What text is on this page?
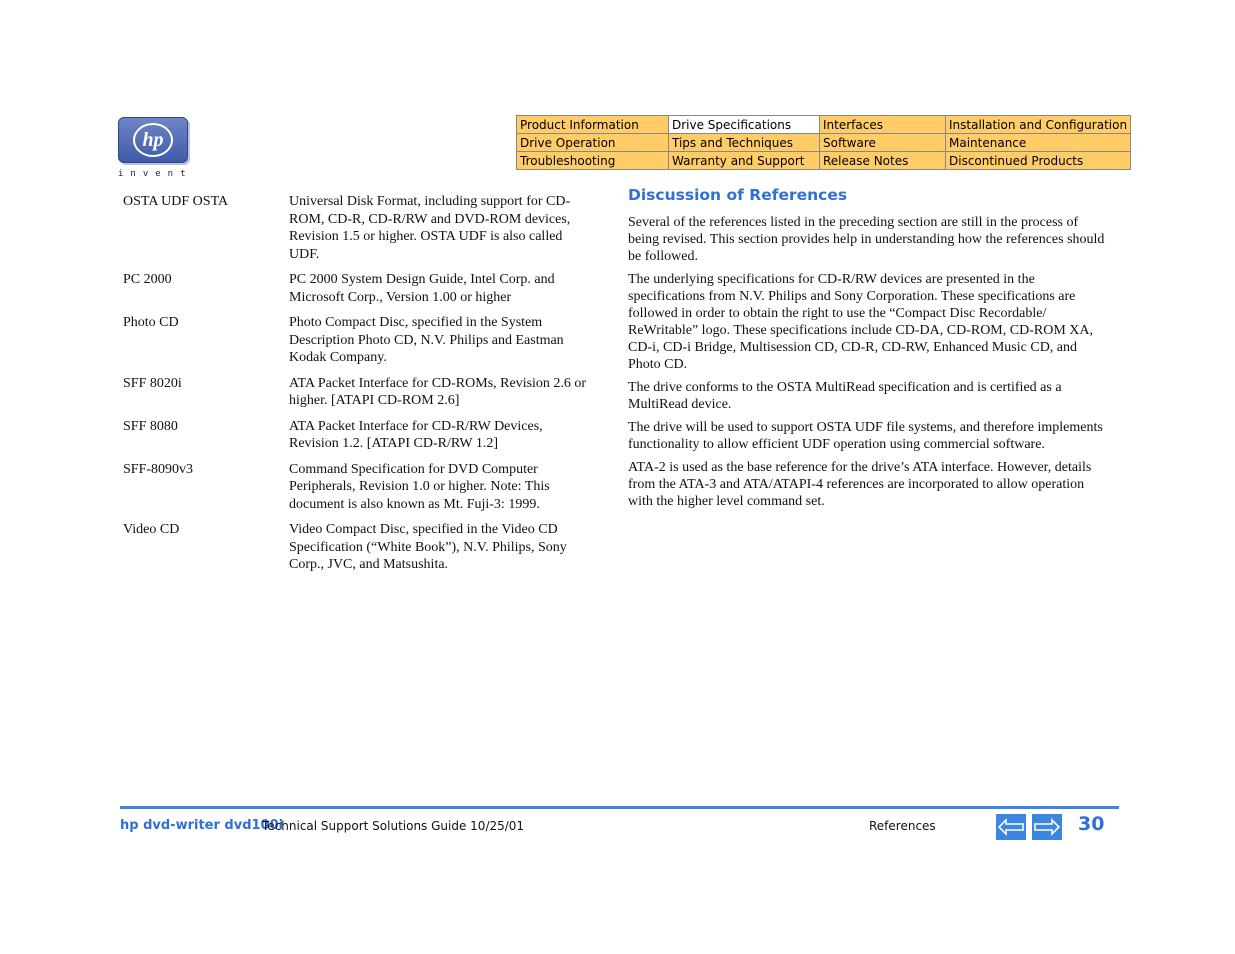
hp
invent
Product Information	Drive Specifications	Interfaces	Installation and Configuration
Drive Operation	Tips and Techniques	Software	Maintenance
Troubleshooting	Warranty and Support	Release Notes	Discontinued Products
OSTA UDF OSTA	Universal Disk Format, including support for CD-ROM, CD-R, CD-R/RW and DVD-ROM devices, Revision 1.5 or higher. OSTA UDF is also called UDF.
PC 2000	PC 2000 System Design Guide, Intel Corp. and Microsoft Corp., Version 1.00 or higher
Photo CD	Photo Compact Disc, specified in the System Description Photo CD, N.V. Philips and Eastman Kodak Company.
SFF 8020i	ATA Packet Interface for CD-ROMs, Revision 2.6 or higher. [ATAPI CD-ROM 2.6]
SFF 8080	ATA Packet Interface for CD-R/RW Devices, Revision 1.2. [ATAPI CD-R/RW 1.2]
SFF-8090v3	Command Specification for DVD Computer Peripherals, Revision 1.0 or higher. Note: This document is also known as Mt. Fuji-3: 1999.
Video CD	Video Compact Disc, specified in the Video CD Specification (“White Book”), N.V. Philips, Sony Corp., JVC, and Matsushita.
Discussion of References

Several of the references listed in the preceding section are still in the process of being revised. This section provides help in understanding how the references should be followed.

The underlying specifications for CD-R/RW devices are presented in the specifications from N.V. Philips and Sony Corporation. These specifications are followed in order to obtain the right to use the “Compact Disc Recordable/ ReWritable” logo. These specifications include CD-DA, CD-ROM, CD-ROM XA, CD-i, CD-i Bridge, Multisession CD, CD-R, CD-RW, Enhanced Music CD, and Photo CD.

The drive conforms to the OSTA MultiRead specification and is certified as a MultiRead device.

The drive will be used to support OSTA UDF file systems, and therefore implements functionality to allow efficient UDF operation using commercial software.

ATA-2 is used as the base reference for the drive’s ATA interface. However, details from the ATA-3 and ATA/ATAPI-4 references are incorporated to allow operation with the higher level command set.

hp dvd-writer dvd100i
Technical Support Solutions Guide 10/25/01	References	30
